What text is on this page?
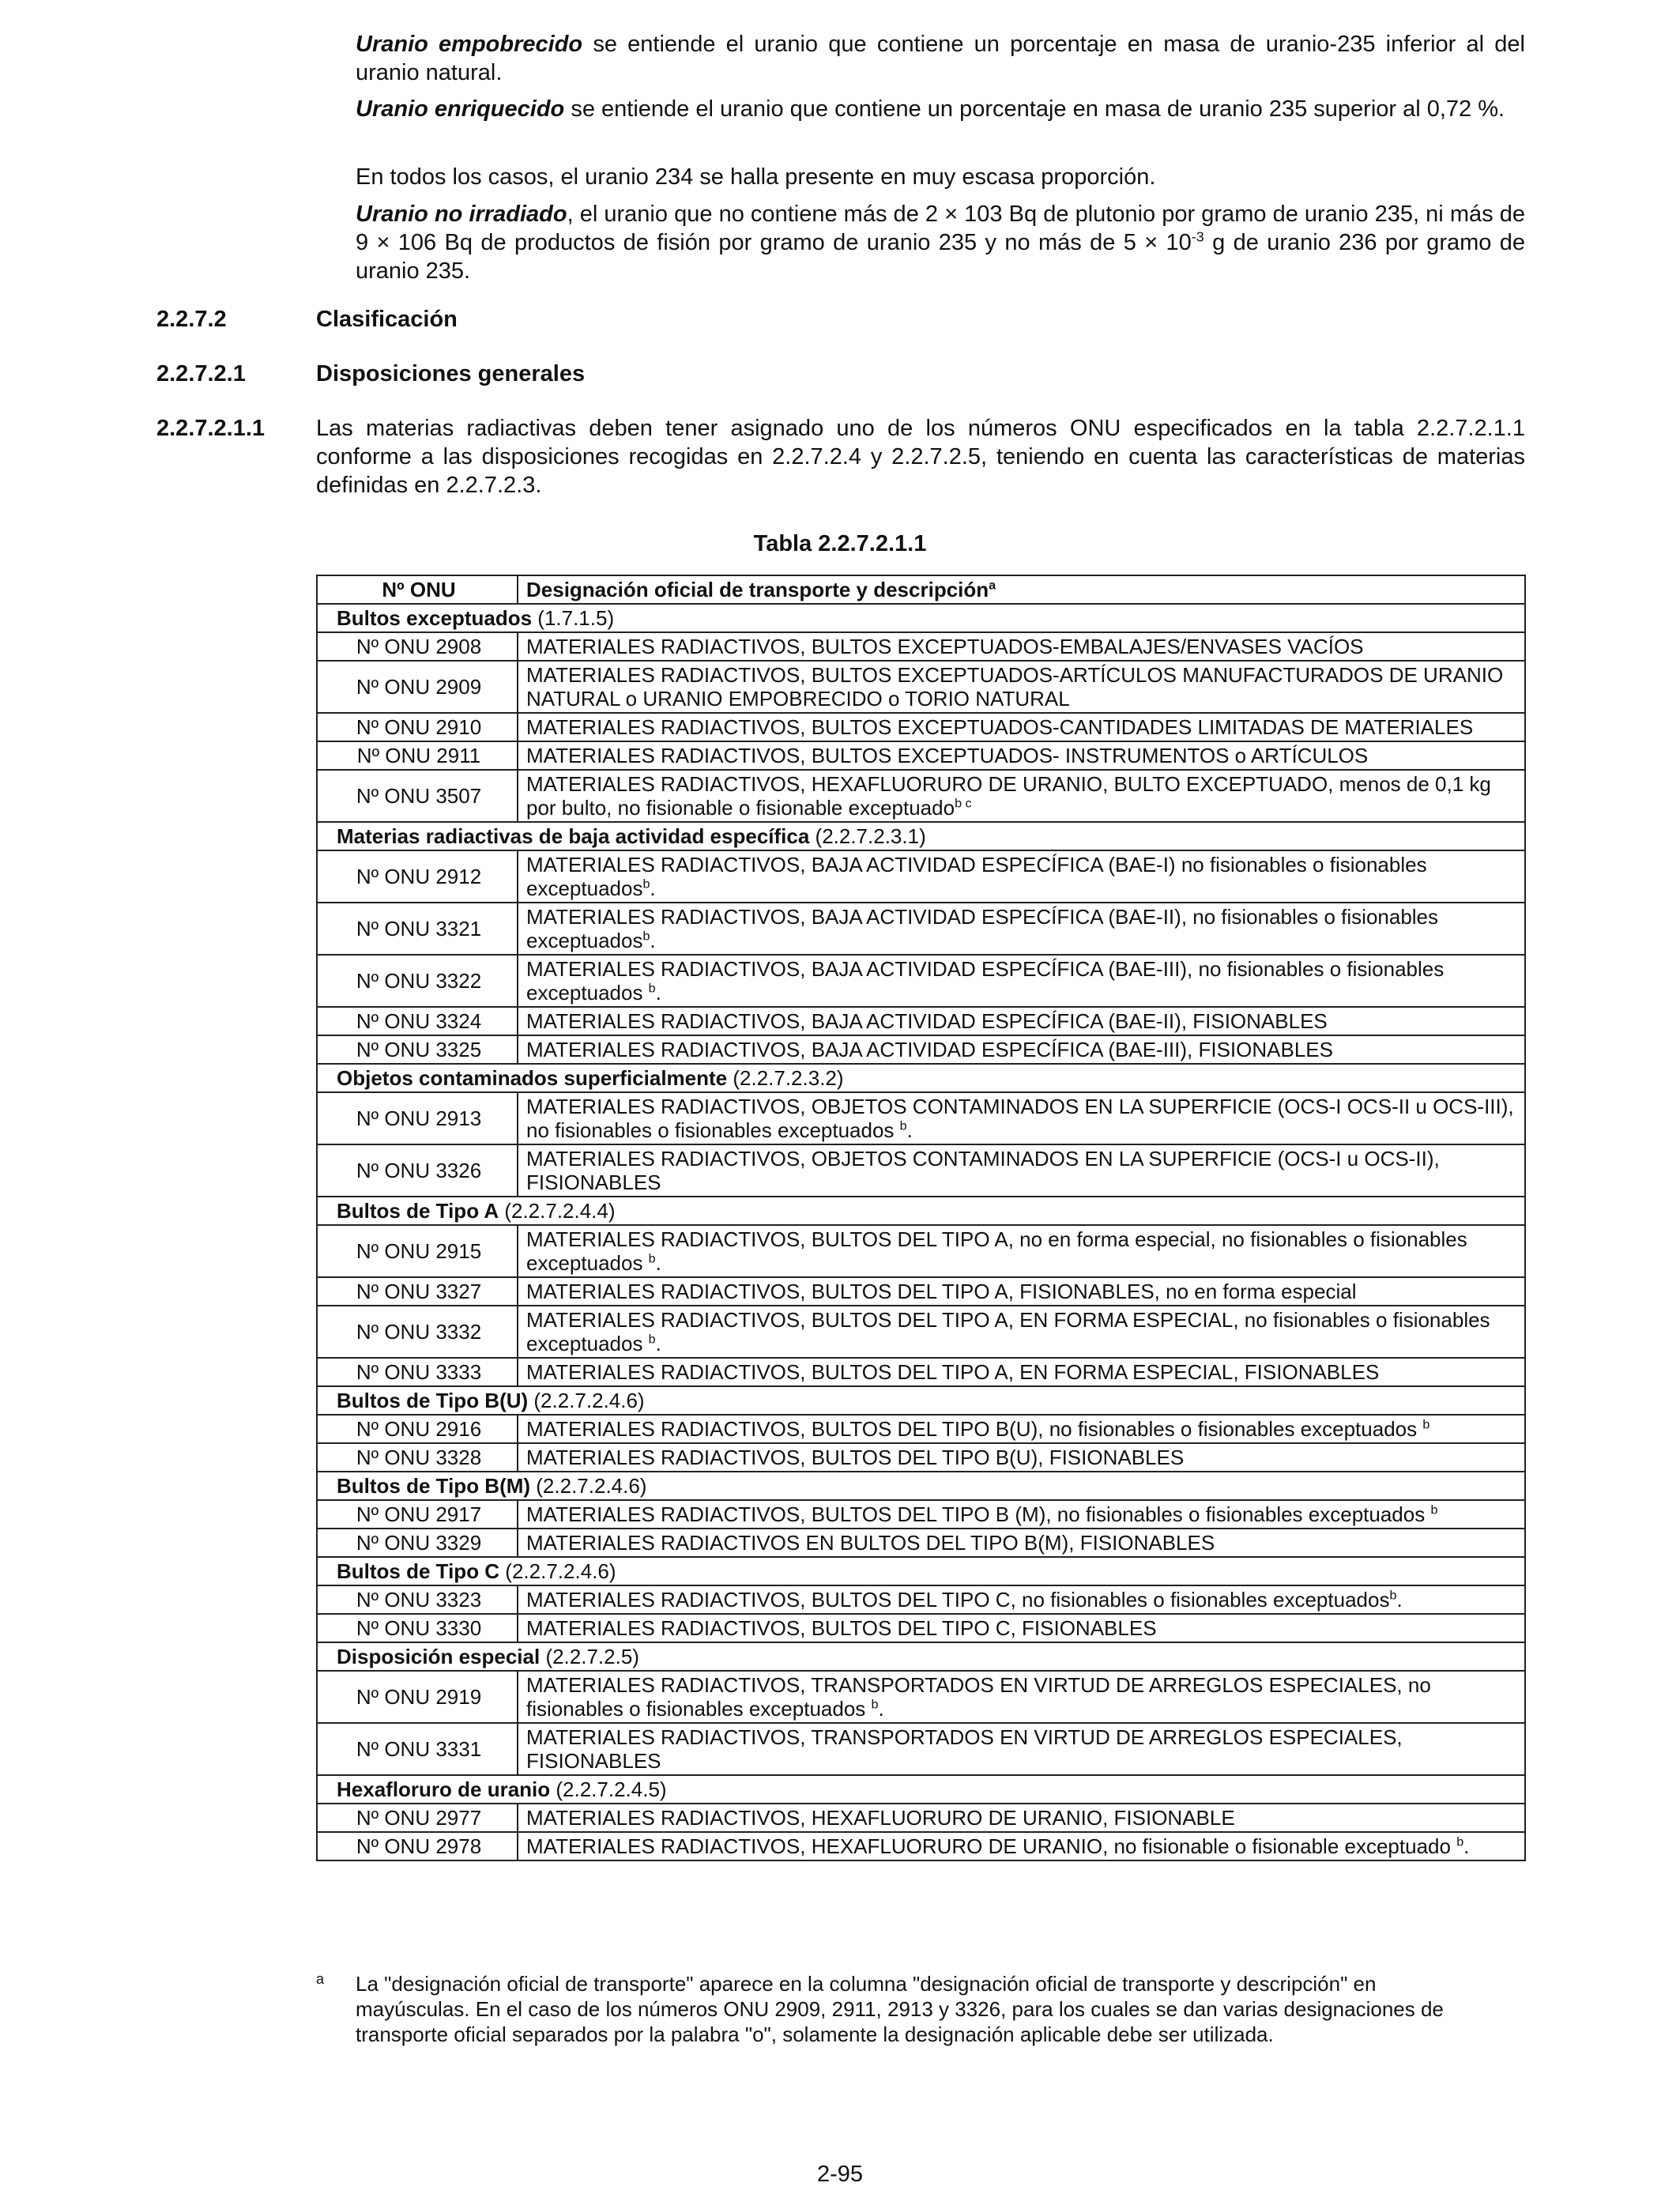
Uranio empobrecido se entiende el uranio que contiene un porcentaje en masa de uranio-235 inferior al del uranio natural.

Uranio enriquecido se entiende el uranio que contiene un porcentaje en masa de uranio 235 superior al 0,72 %.

En todos los casos, el uranio 234 se halla presente en muy escasa proporción.

Uranio no irradiado, el uranio que no contiene más de 2 × 103 Bq de plutonio por gramo de uranio 235, ni más de 9 × 106 Bq de productos de fisión por gramo de uranio 235 y no más de $5 \times 10^{-3}$ g de uranio 236 por gramo de uranio 235.

2.2.7.2	Clasificación
2.2.7.2.1	Disposiciones generales
2.2.7.2.1.1 Las materias radiactivas deben tener asignado uno de los números ONU especificados en la tabla 2.2.7.2.1.1 conforme a las disposiciones recogidas en 2.2.7.2.4 y 2.2.7.2.5, teniendo en cuenta las características de materias definidas en 2.2.7.2.3.
Tabla 2.2.7.2.1.1
Nº ONU	Designación oficial de transporte y descripción$^a$
Bultos exceptuados (1.7.1.5)	
Nº ONU 2908	MATERIALES RADIACTIVOS, BULTOS EXCEPTUADOS-EMBALAJES/ENVASES VACÍOS
Nº ONU 2909	MATERIALES RADIACTIVOS, BULTOS EXCEPTUADOS-ARTÍCULOS MANUFACTURADOS DE URANIO NATURAL o URANIO EMPOBRECIDO o TORIO NATURAL
Nº ONU 2910	MATERIALES RADIACTIVOS, BULTOS EXCEPTUADOS-CANTIDADES LIMITADAS DE MATERIALES
Nº ONU 2911	MATERIALES RADIACTIVOS, BULTOS EXCEPTUADOS- INSTRUMENTOS o ARTÍCULOS
Nº ONU 3507	MATERIALES RADIACTIVOS, HEXAFLUORURO DE URANIO, BULTO EXCEPTUADO, menos de 0,1 kg por bulto, no fisionable o fisionable exceptuado$^{b c}$
Materias radiactivas de baja actividad específica (2.2.7.2.3.1)	
Nº ONU 2912	MATERIALES RADIACTIVOS, BAJA ACTIVIDAD ESPECÍFICA (BAE-I) no fisionables o fisionables exceptuados$^b$.
Nº ONU 3321	MATERIALES RADIACTIVOS, BAJA ACTIVIDAD ESPECÍFICA (BAE-II), no fisionables o fisionables exceptuados$^b$.
Nº ONU 3322	MATERIALES RADIACTIVOS, BAJA ACTIVIDAD ESPECÍFICA (BAE-III), no fisionables o fisionables exceptuados $^b$.
Nº ONU 3324	MATERIALES RADIACTIVOS, BAJA ACTIVIDAD ESPECÍFICA (BAE-II), FISIONABLES
Nº ONU 3325	MATERIALES RADIACTIVOS, BAJA ACTIVIDAD ESPECÍFICA (BAE-III), FISIONABLES
Objetos contaminados superficialmente (2.2.7.2.3.2)	
Nº ONU 2913	MATERIALES RADIACTIVOS, OBJETOS CONTAMINADOS EN LA SUPERFICIE (OCS-I OCS-II u OCS-III), no fisionables o fisionables exceptuados $^b$.
Nº ONU 3326	MATERIALES RADIACTIVOS, OBJETOS CONTAMINADOS EN LA SUPERFICIE (OCS-I u OCS-II), FISIONABLES
Bultos de Tipo A (2.2.7.2.4.4)	
Nº ONU 2915	MATERIALES RADIACTIVOS, BULTOS DEL TIPO A, no en forma especial, no fisionables o fisionables exceptuados $^b$.
Nº ONU 3327	MATERIALES RADIACTIVOS, BULTOS DEL TIPO A, FISIONABLES, no en forma especial
Nº ONU 3332	MATERIALES RADIACTIVOS, BULTOS DEL TIPO A, EN FORMA ESPECIAL, no fisionables o fisionables exceptuados $^b$.
Nº ONU 3333	MATERIALES RADIACTIVOS, BULTOS DEL TIPO A, EN FORMA ESPECIAL, FISIONABLES
Bultos de Tipo B(U) (2.2.7.2.4.6)	
Nº ONU 2916	MATERIALES RADIACTIVOS, BULTOS DEL TIPO B(U), no fisionables o fisionables exceptuados $^b$
Nº ONU 3328	MATERIALES RADIACTIVOS, BULTOS DEL TIPO B(U), FISIONABLES
Bultos de Tipo B(M) (2.2.7.2.4.6)	
Nº ONU 2917	MATERIALES RADIACTIVOS, BULTOS DEL TIPO B (M), no fisionables o fisionables exceptuados $^b$
Nº ONU 3329	MATERIALES RADIACTIVOS EN BULTOS DEL TIPO B(M), FISIONABLES
Bultos de Tipo C (2.2.7.2.4.6)	
Nº ONU 3323	MATERIALES RADIACTIVOS, BULTOS DEL TIPO C, no fisionables o fisionables exceptuados$^b$.
Nº ONU 3330	MATERIALES RADIACTIVOS, BULTOS DEL TIPO C, FISIONABLES
Disposición especial (2.2.7.2.5)	
Nº ONU 2919	MATERIALES RADIACTIVOS, TRANSPORTADOS EN VIRTUD DE ARREGLOS ESPECIALES, no fisionables o fisionables exceptuados $^b$.
Nº ONU 3331	MATERIALES RADIACTIVOS, TRANSPORTADOS EN VIRTUD DE ARREGLOS ESPECIALES, FISIONABLES
Hexafloruro de uranio (2.2.7.2.4.5)	
Nº ONU 2977	MATERIALES RADIACTIVOS, HEXAFLUORURO DE URANIO, FISIONABLE
Nº ONU 2978	MATERIALES RADIACTIVOS, HEXAFLUORURO DE URANIO, no fisionable o fisionable exceptuado $^b$.
a La "designación oficial de transporte" aparece en la columna "designación oficial de transporte y descripción" en mayúsculas. En el caso de los números ONU 2909, 2911, 2913 y 3326, para los cuales se dan varias designaciones de transporte oficial separados por la palabra "o", solamente la designación aplicable debe ser utilizada.
2-95
